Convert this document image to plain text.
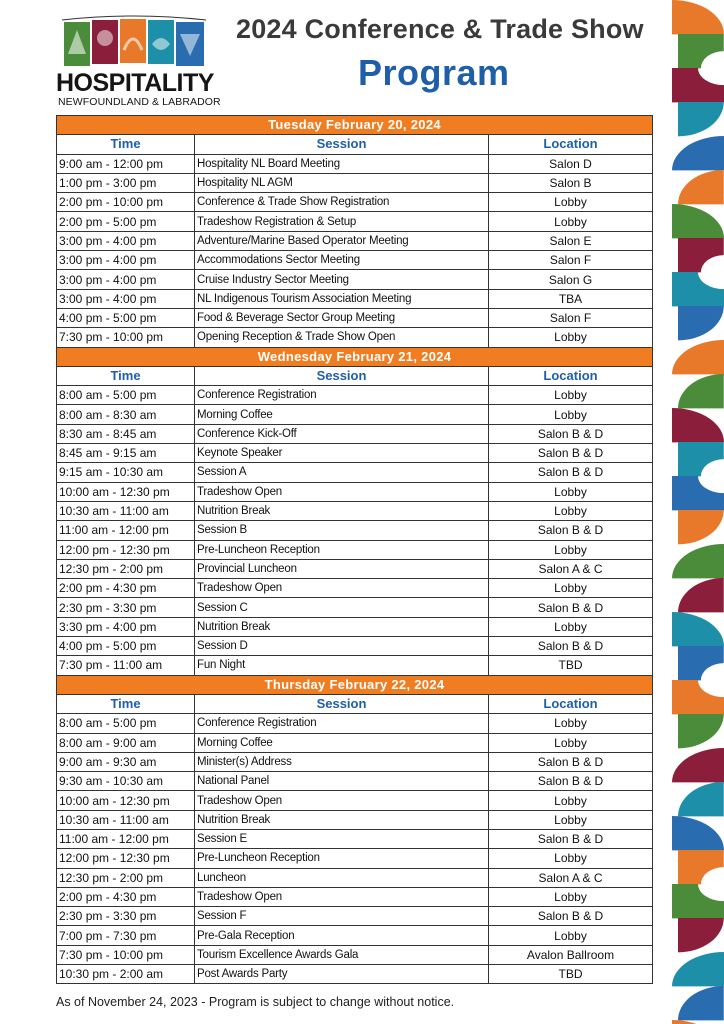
HOSPITALITY
NEWFOUNDLAND & LABRADOR
2024 Conference & Trade Show
Program
Tuesday February 20, 2024		
Time	Session	Location
9:00 am - 12:00 pm	Hospitality NL Board Meeting	Salon D
1:00 pm - 3:00 pm	Hospitality NL AGM	Salon B
2:00 pm - 10:00 pm	Conference & Trade Show Registration	Lobby
2:00 pm - 5:00 pm	Tradeshow Registration & Setup	Lobby
3:00 pm - 4:00 pm	Adventure/Marine Based Operator Meeting	Salon E
3:00 pm - 4:00 pm	Accommodations Sector Meeting	Salon F
3:00 pm - 4:00 pm	Cruise Industry Sector Meeting	Salon G
3:00 pm - 4:00 pm	NL Indigenous Tourism Association Meeting	TBA
4:00 pm - 5:00 pm	Food & Beverage Sector Group Meeting	Salon F
7:30 pm - 10:00 pm	Opening Reception & Trade Show Open	Lobby
Wednesday February 21, 2024		
Time	Session	Location
8:00 am - 5:00 pm	Conference Registration	Lobby
8:00 am - 8:30 am	Morning Coffee	Lobby
8:30 am - 8:45 am	Conference Kick-Off	Salon B & D
8:45 am - 9:15 am	Keynote Speaker	Salon B & D
9:15 am - 10:30 am	Session A	Salon B & D
10:00 am - 12:30 pm	Tradeshow Open	Lobby
10:30 am - 11:00 am	Nutrition Break	Lobby
11:00 am - 12:00 pm	Session B	Salon B & D
12:00 pm - 12:30 pm	Pre-Luncheon Reception	Lobby
12:30 pm - 2:00 pm	Provincial Luncheon	Salon A & C
2:00 pm - 4:30 pm	Tradeshow Open	Lobby
2:30 pm - 3:30 pm	Session C	Salon B & D
3:30 pm - 4:00 pm	Nutrition Break	Lobby
4:00 pm - 5:00 pm	Session D	Salon B & D
7:30 pm - 11:00 am	Fun Night	TBD
Thursday February 22, 2024		
Time	Session	Location
8:00 am - 5:00 pm	Conference Registration	Lobby
8:00 am - 9:00 am	Morning Coffee	Lobby
9:00 am - 9:30 am	Minister(s) Address	Salon B & D
9:30 am - 10:30 am	National Panel	Salon B & D
10:00 am - 12:30 pm	Tradeshow Open	Lobby
10:30 am - 11:00 am	Nutrition Break	Lobby
11:00 am - 12:00 pm	Session E	Salon B & D
12:00 pm - 12:30 pm	Pre-Luncheon Reception	Lobby
12:30 pm - 2:00 pm	Luncheon	Salon A & C
2:00 pm - 4:30 pm	Tradeshow Open	Lobby
2:30 pm - 3:30 pm	Session F	Salon B & D
7:00 pm - 7:30 pm	Pre-Gala Reception	Lobby
7:30 pm - 10:00 pm	Tourism Excellence Awards Gala	Avalon Ballroom
10:30 pm - 2:00 am	Post Awards Party	TBD
As of November 24, 2023 - Program is subject to change without notice.
